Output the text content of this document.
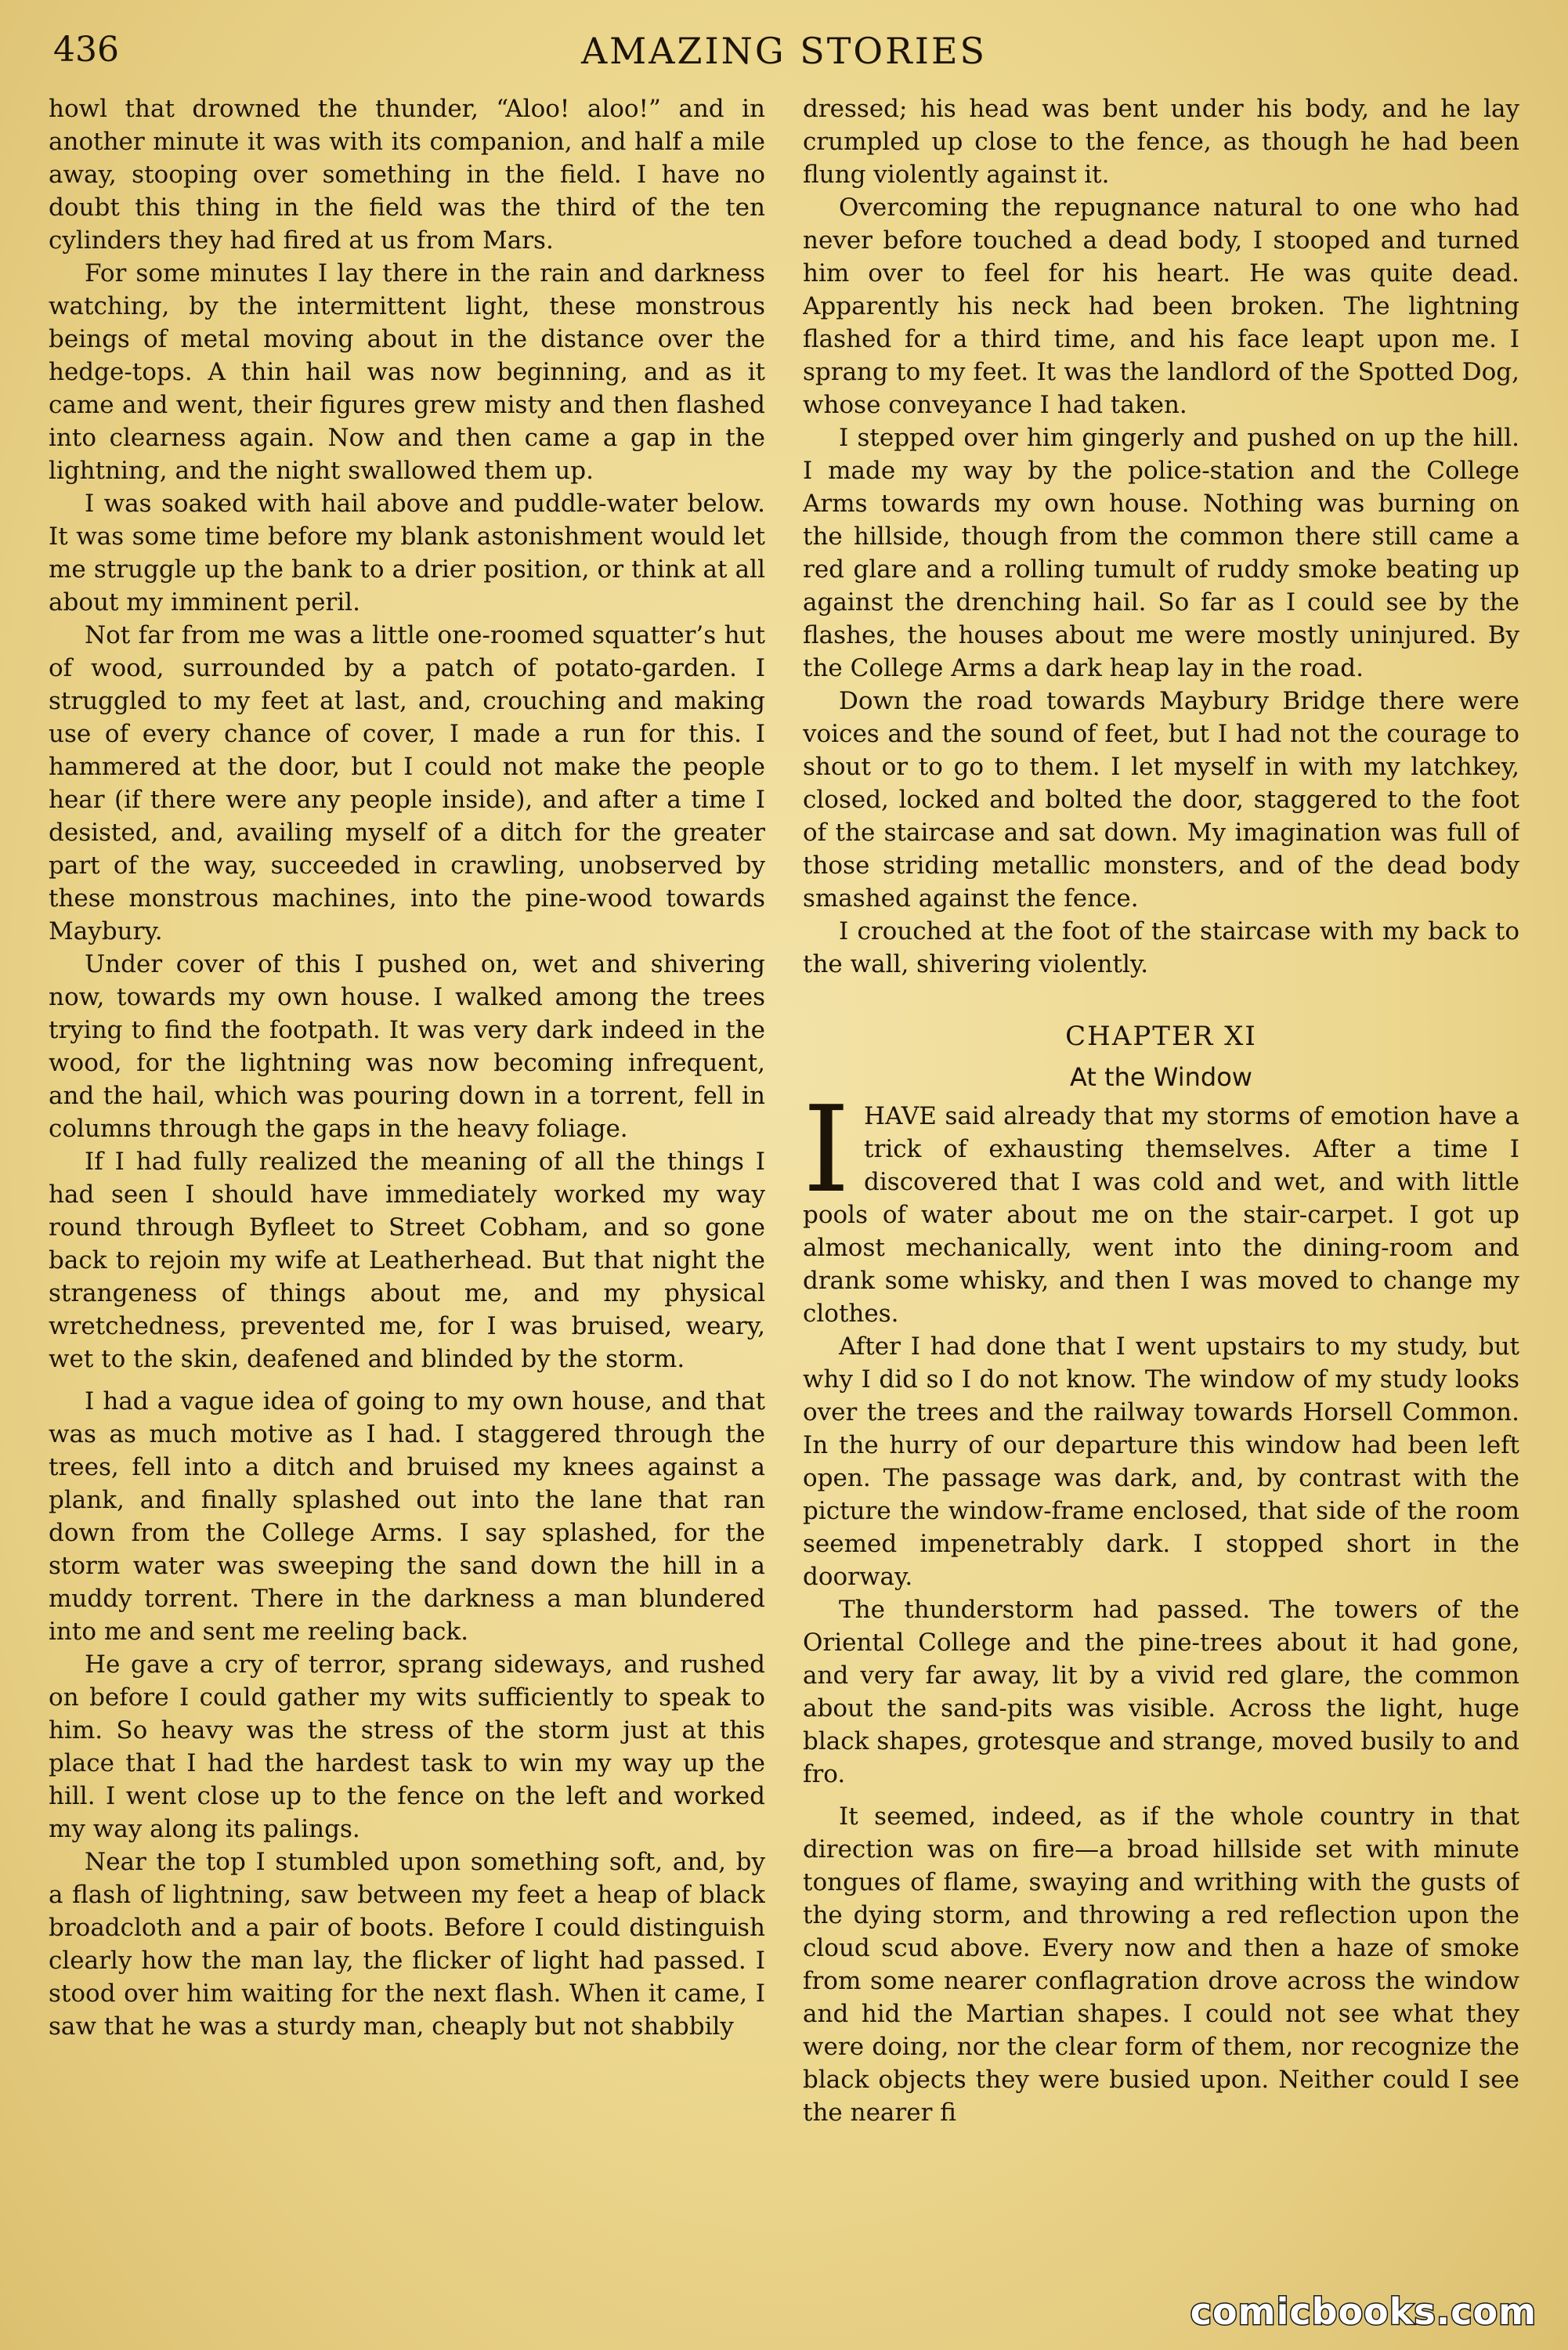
436	AMAZING STORIES

howl that drowned the thunder, “Aloo! aloo!” and in another minute it was with its companion, and half a mile away, stooping over something in the field. I have no doubt this thing in the field was the third of the ten cylinders they had fired at us from Mars.

For some minutes I lay there in the rain and darkness watching, by the intermittent light, these monstrous beings of metal moving about in the distance over the hedge-tops. A thin hail was now beginning, and as it came and went, their figures grew misty and then flashed into clearness again. Now and then came a gap in the lightning, and the night swallowed them up.

I was soaked with hail above and puddle-water below. It was some time before my blank astonishment would let me struggle up the bank to a drier position, or think at all about my imminent peril.

Not far from me was a little one-roomed squatter’s hut of wood, surrounded by a patch of potato-garden. I struggled to my feet at last, and, crouching and making use of every chance of cover, I made a run for this. I hammered at the door, but I could not make the people hear (if there were any people inside), and after a time I desisted, and, availing myself of a ditch for the greater part of the way, succeeded in crawling, unobserved by these monstrous machines, into the pine-wood towards Maybury.

Under cover of this I pushed on, wet and shivering now, towards my own house. I walked among the trees trying to find the footpath. It was very dark indeed in the wood, for the lightning was now becoming infrequent, and the hail, which was pouring down in a torrent, fell in columns through the gaps in the heavy foliage.

If I had fully realized the meaning of all the things I had seen I should have immediately worked my way round through Byfleet to Street Cobham, and so gone back to rejoin my wife at Leatherhead. But that night the strangeness of things about me, and my physical wretchedness, prevented me, for I was bruised, weary, wet to the skin, deafened and blinded by the storm.

I had a vague idea of going to my own house, and that was as much motive as I had. I staggered through the trees, fell into a ditch and bruised my knees against a plank, and finally splashed out into the lane that ran down from the College Arms. I say splashed, for the storm water was sweeping the sand down the hill in a muddy torrent. There in the darkness a man blundered into me and sent me reeling back.

He gave a cry of terror, sprang sideways, and rushed on before I could gather my wits sufficiently to speak to him. So heavy was the stress of the storm just at this place that I had the hardest task to win my way up the hill. I went close up to the fence on the left and worked my way along its palings.

Near the top I stumbled upon something soft, and, by a flash of lightning, saw between my feet a heap of black broadcloth and a pair of boots. Before I could distinguish clearly how the man lay, the flicker of light had passed. I stood over him waiting for the next flash. When it came, I saw that he was a sturdy man, cheaply but not shabbily

dressed; his head was bent under his body, and he lay crumpled up close to the fence, as though he had been flung violently against it.

Overcoming the repugnance natural to one who had never before touched a dead body, I stooped and turned him over to feel for his heart. He was quite dead. Apparently his neck had been broken. The lightning flashed for a third time, and his face leapt upon me. I sprang to my feet. It was the landlord of the Spotted Dog, whose conveyance I had taken.

I stepped over him gingerly and pushed on up the hill. I made my way by the police-station and the College Arms towards my own house. Nothing was burning on the hillside, though from the common there still came a red glare and a rolling tumult of ruddy smoke beating up against the drenching hail. So far as I could see by the flashes, the houses about me were mostly uninjured. By the College Arms a dark heap lay in the road.

Down the road towards Maybury Bridge there were voices and the sound of feet, but I had not the courage to shout or to go to them. I let myself in with my latchkey, closed, locked and bolted the door, staggered to the foot of the staircase and sat down. My imagination was full of those striding metallic monsters, and of the dead body smashed against the fence.

I crouched at the foot of the staircase with my back to the wall, shivering violently.

CHAPTER XI
At the Window

IHAVE said already that my storms of emotion have a trick of exhausting themselves. After a time I discovered that I was cold and wet, and with little pools of water about me on the stair-carpet. I got up almost mechanically, went into the dining-room and drank some whisky, and then I was moved to change my clothes.

After I had done that I went upstairs to my study, but why I did so I do not know. The window of my study looks over the trees and the railway towards Horsell Common. In the hurry of our departure this window had been left open. The passage was dark, and, by contrast with the picture the window-frame enclosed, that side of the room seemed impenetrably dark. I stopped short in the doorway.

The thunderstorm had passed. The towers of the Oriental College and the pine-trees about it had gone, and very far away, lit by a vivid red glare, the common about the sand-pits was visible. Across the light, huge black shapes, grotesque and strange, moved busily to and fro.

It seemed, indeed, as if the whole country in that direction was on fire—a broad hillside set with minute tongues of flame, swaying and writhing with the gusts of the dying storm, and throwing a red reflection upon the cloud scud above. Every now and then a haze of smoke from some nearer conflagration drove across the window and hid the Martian shapes. I could not see what they were doing, nor the clear form of them, nor recognize the black objects they were busied upon. Neither could I see the nearer fi

comicbooks.com
